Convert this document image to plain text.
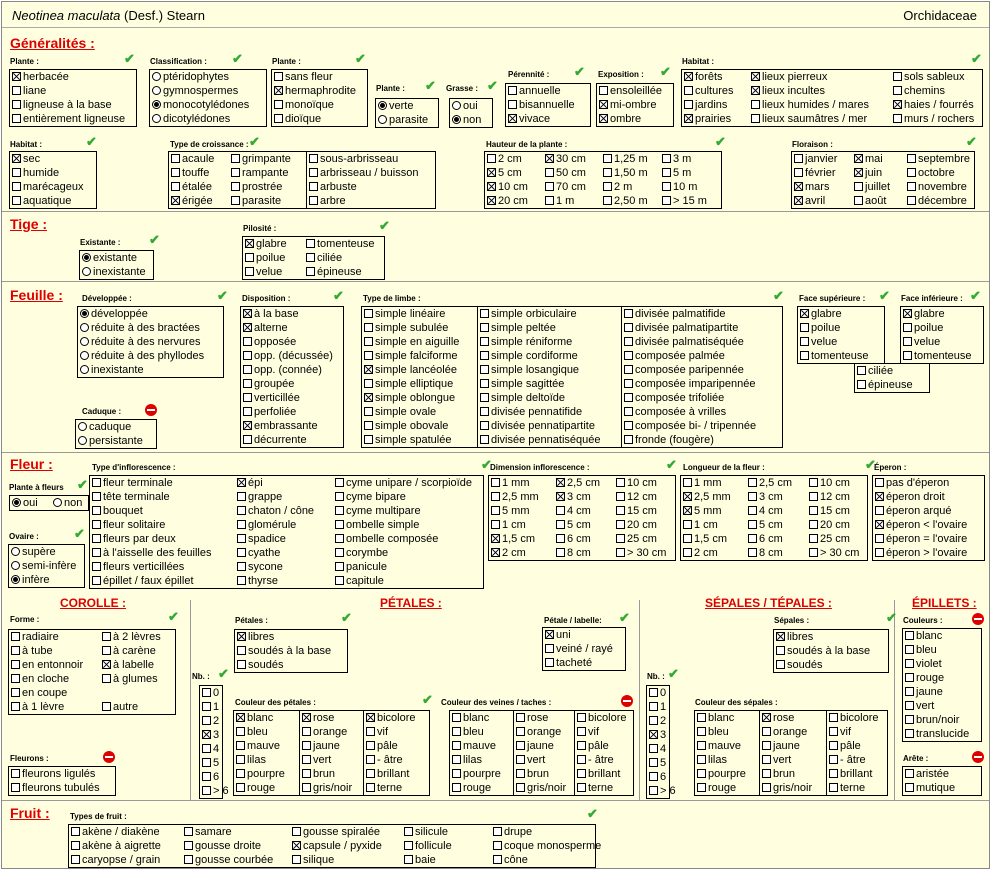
Neotinea maculata (Desf.) Stearn	Orchidaceae
Généralités :
Tige :
Feuille :
Fleur :
Fruit :
COROLLE :	PÉTALES :	SÉPALES / TÉPALES :	ÉPILLETS :
Plante :	✔
herbacée
liane
ligneuse à la base
entièrement ligneuse
Classification : ✔
ptéridophytes
gymnospermes
monocotylédones
dicotylédones
Plante :	✔
sans fleur
hermaphrodite
monoïque
dioïque
Plante : ✔
verte
parasite
Grasse : ✔
oui
non
Pérennité : ✔
annuelle
bisannuelle
vivace
Exposition : ✔
ensoleillée
mi-ombre
ombre
Habitat :	✔
forêts
cultures
jardins
prairies
lieux pierreux
lieux incultes
lieux humides / mares
lieux saumâtres / mer
sols sableux
chemins
haies / fourrés
murs / rochers
Habitat :	✔
sec
humide
marécageux
aquatique
Type de croissance : ✔
acaule
touffe
étalée
érigée
grimpante
rampante
prostrée
parasite
sous-arbrisseau
arbrisseau / buisson
arbuste
arbre
Hauteur de la plante :	✔
2 cm
5 cm
10 cm
20 cm
30 cm
50 cm
70 cm
1 m
1,25 m
1,50 m
2 m
2,50 m
3 m
5 m
10 m
> 15 m
Floraison :	✔
janvier
février
mars
avril
mai
juin
juillet
août
septembre
octobre
novembre
décembre
Existante : ✔
existante
inexistante
Pilosité :	✔
glabre
poilue
velue
tomenteuse
ciliée
épineuse
Développée :	✔
développée
réduite à des bractées
réduite à des nervures
réduite à des phyllodes
inexistante
Caduque :
caduque
persistante
Disposition :	✔
à la base
alterne
opposée
opp. (décussée)
opp. (connée)
groupée
verticillée
perfoliée
embrassante
décurrente
Type de limbe :	✔
simple linéaire
simple subulée
simple en aiguille
simple falciforme
simple lancéolée
simple elliptique
simple oblongue
simple ovale
simple obovale
simple spatulée
simple orbiculaire
simple peltée
simple réniforme
simple cordiforme
simple losangique
simple sagittée
simple deltoïde
divisée pennatifide
divisée pennatipartite
divisée pennatiséquée
divisée palmatifide
divisée palmatipartite
divisée palmatiséquée
composée palmée
composée paripennée
composée imparipennée
composée trifoliée
composée à vrilles
composée bi- / tripennée
fronde (fougère)
Face supérieure : ✔
glabre
poilue
velue
tomenteuse
Face inférieure : ✔
glabre
poilue
velue
tomenteuse
ciliée
épineuse
Plante à fleurs ✔
oui	non
Ovaire :	✔
supère
semi-infère
infère
Type d'inflorescence :	✔
fleur terminale
tête terminale
bouquet
fleur solitaire
fleurs par deux
à l'aisselle des feuilles
fleurs verticillées
épillet / faux épillet
épi
grappe
chaton / cône
glomérule
spadice
cyathe
sycone
thyrse
cyme unipare / scorpioïde
cyme bipare
cyme multipare
ombelle simple
ombelle composée
corymbe
panicule
capitule
Dimension inflorescence :	✔
1 mm
2,5 mm
5 mm
1 cm
1,5 cm
2 cm
2,5 cm
3 cm
4 cm
5 cm
6 cm
8 cm
10 cm
12 cm
15 cm
20 cm
25 cm
> 30 cm
Longueur de la fleur :	✔
1 mm
2,5 mm
5 mm
1 cm
1,5 cm
2 cm
2,5 cm
3 cm
4 cm
5 cm
6 cm
8 cm
10 cm
12 cm
15 cm
20 cm
25 cm
> 30 cm
Éperon :
pas d'éperon
éperon droit
éperon arqué
éperon < l'ovaire
éperon = l'ovaire
éperon > l'ovaire
Forme :	✔
radiaire
à tube
en entonnoir
en cloche
en coupe
à 1 lèvre
à 2 lèvres
à carène
à labelle
à glumes
autre
Fleurons :
fleurons ligulés
fleurons tubulés
Nb. : ✔
0
1
2
3
4
5
6
> 6
Pétales :	✔
libres
soudés à la base
soudés
Pétale / labelle: ✔
uni
veiné / rayé
tacheté
Couleur des pétales :	✔
blanc
bleu
mauve
lilas
pourpre
rouge
rose
orange
jaune
vert
brun
gris/noir
bicolore
vif
pâle
- âtre
brillant
terne
Couleur des veines / taches :
blanc
bleu
mauve
lilas
pourpre
rouge
rose
orange
jaune
vert
brun
gris/noir
bicolore
vif
pâle
- âtre
brillant
terne
Nb. : ✔
0
1
2
3
4
5
6
> 6
Sépales :	✔
libres
soudés à la base
soudés
Couleur des sépales :
blanc
bleu
mauve
lilas
pourpre
rouge
rose
orange
jaune
vert
brun
gris/noir
bicolore
vif
pâle
- âtre
brillant
terne
Couleurs :
blanc
bleu
violet
rouge
jaune
vert
brun/noir
translucide
Arête :
aristée
mutique
Types de fruit :	✔
akène / diakène
akène à aigrette
caryopse / grain
samare
gousse droite
gousse courbée
gousse spiralée
capsule / pyxide
silique
silicule
follicule
baie
drupe
coque monosperme
cône
